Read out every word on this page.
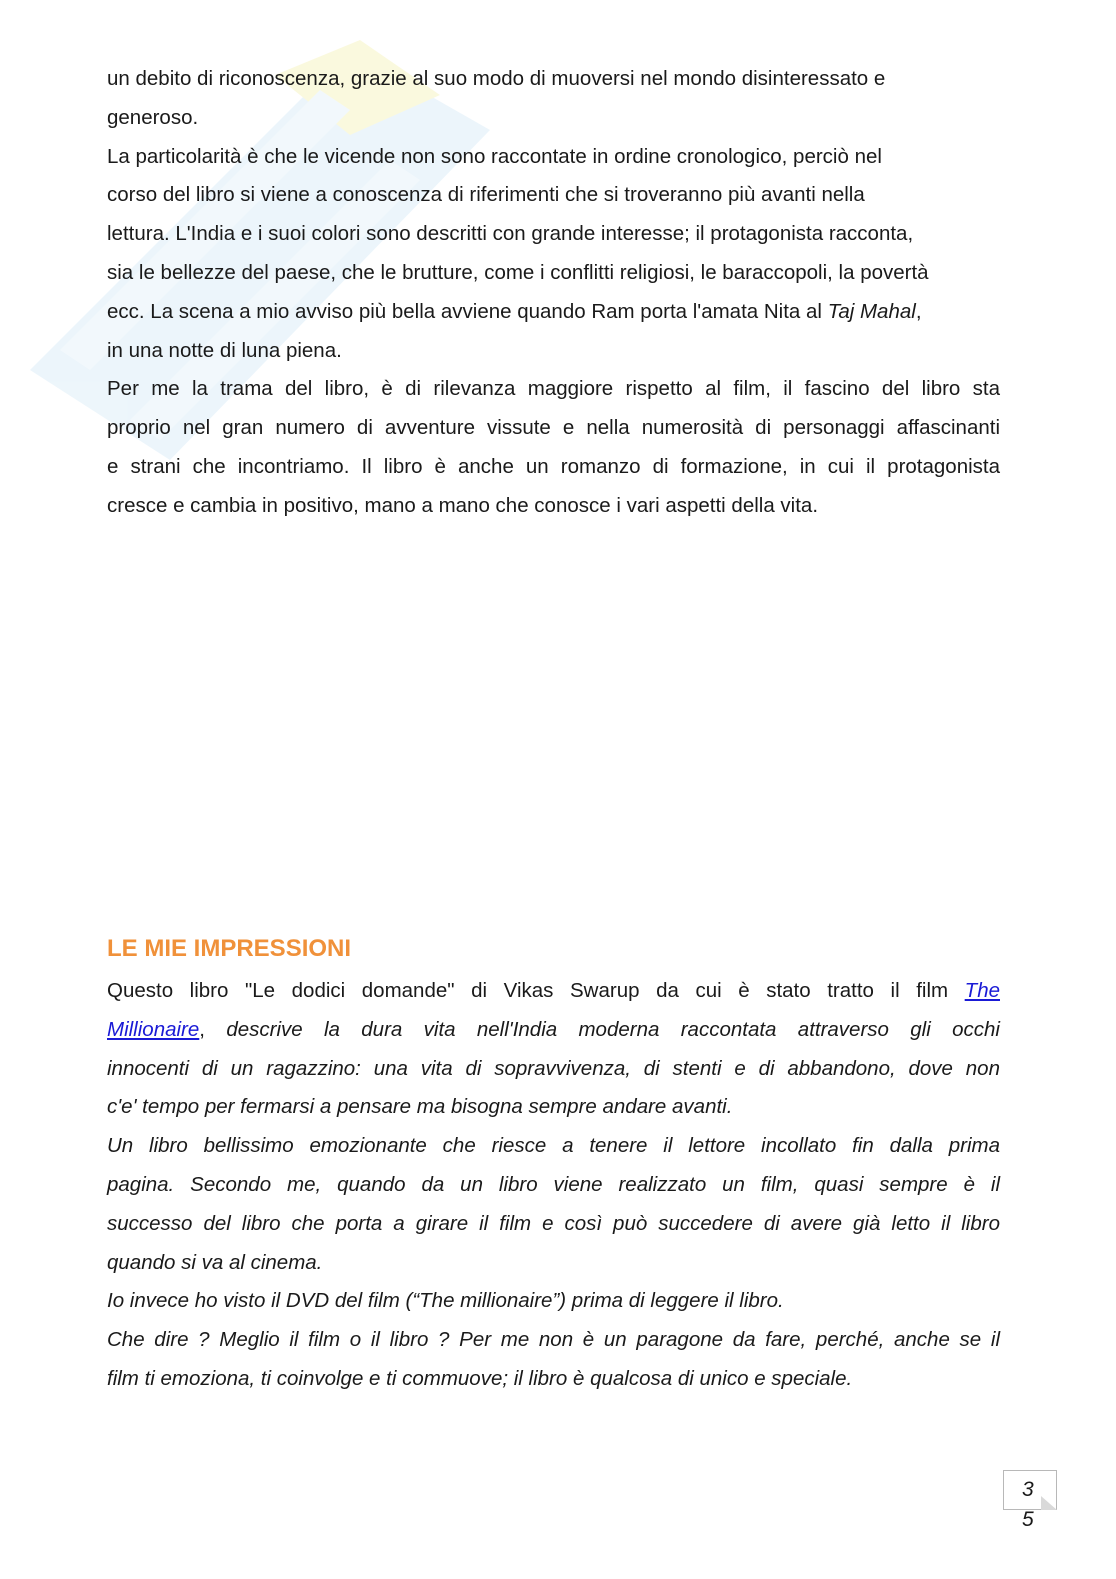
un debito di riconoscenza, grazie al suo modo di muoversi nel mondo disinteressato e
generoso.
La particolarità è che le vicende non sono raccontate in ordine cronologico, perciò nel
corso del libro si viene a conoscenza di riferimenti che si troveranno più avanti nella
lettura. L'India e i suoi colori sono descritti con grande interesse; il protagonista racconta,
sia le bellezze del paese, che le brutture, come i conflitti religiosi, le baraccopoli, la povertà
ecc. La scena a mio avviso più bella avviene quando Ram porta l'amata Nita al Taj Mahal,
in una notte di luna piena.
Per me la trama del libro, è di rilevanza maggiore rispetto al film, il fascino del libro sta
proprio nel gran numero di avventure vissute e nella numerosità di personaggi affascinanti
e strani che incontriamo. Il libro è anche un romanzo di formazione, in cui il protagonista
cresce e cambia in positivo, mano a mano che conosce i vari aspetti della vita.

LE MIE IMPRESSIONI

Questo libro "Le dodici domande" di Vikas Swarup da cui è stato tratto il film The
Millionaire, descrive la dura vita nell'India moderna raccontata attraverso gli occhi
innocenti di un ragazzino: una vita di sopravvivenza, di stenti e di abbandono, dove non
c'e' tempo per fermarsi a pensare ma bisogna sempre andare avanti.
Un libro bellissimo emozionante che riesce a tenere il lettore incollato fin dalla prima
pagina. Secondo me, quando da un libro viene realizzato un film, quasi sempre è il
successo del libro che porta a girare il film e così può succedere di avere già letto il libro
quando si va al cinema.
Io invece ho visto il DVD del film (“The millionaire”) prima di leggere il libro.
Che dire ? Meglio il film o il libro ? Per me non è un paragone da fare, perché, anche se il
film ti emoziona, ti coinvolge e ti commuove; il libro è qualcosa di unico e speciale.

3
5
